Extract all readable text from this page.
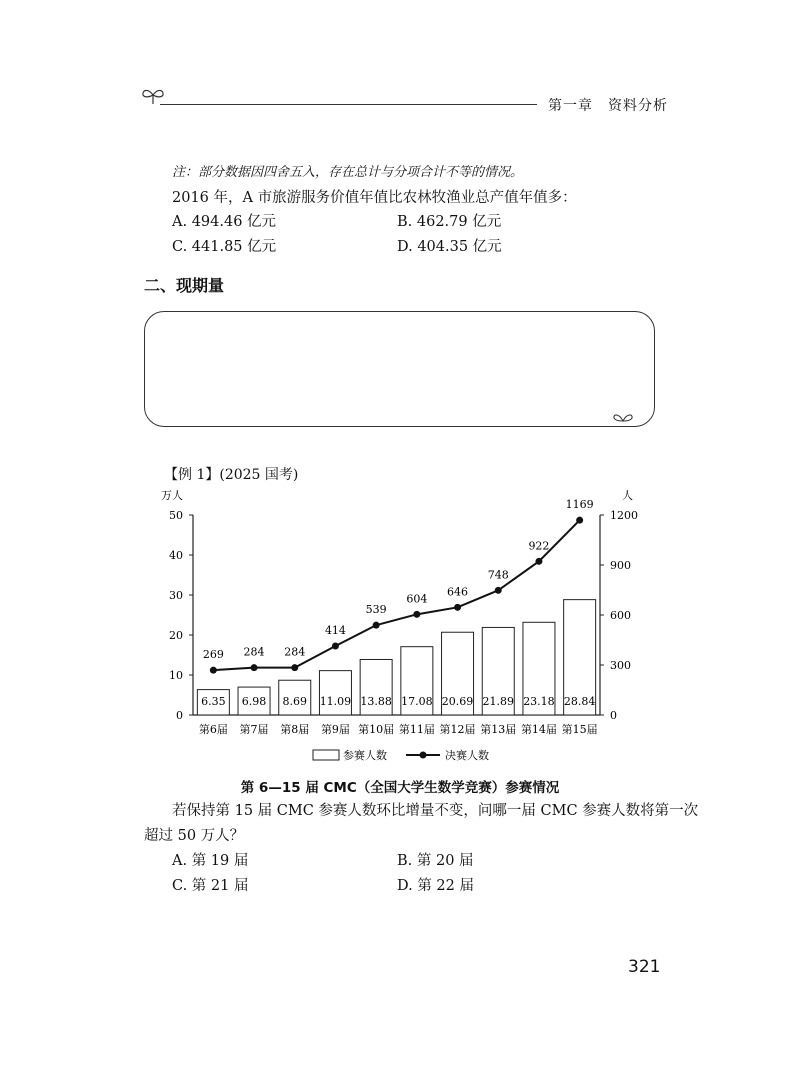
第一章　资料分析
注：部分数据因四舍五入，存在总计与分项合计不等的情况。
2016 年，A 市旅游服务价值年值比农林牧渔业总产值年值多：
A. 494.46 亿元	B. 462.79 亿元
C. 441.85 亿元	D. 404.35 亿元
二、现期量
【例 1】(2025 国考)
0
10
20
30
40
50
万人
0
300
600
900
1200
人
6.35 6.98 8.69 11.09 13.88 17.08 20.69 21.89 23.18 28.84
第6届 第7届 第8届 第9届 第10届 第11届 第12届 第13届 第14届 第15届
269 284 284
414
539
604
646
748
922
1169
参赛人数	决赛人数
第 6—15 届 CMC（全国大学生数学竞赛）参赛情况
若保持第 15 届 CMC 参赛人数环比增量不变，问哪一届 CMC 参赛人数将第一次
超过 50 万人？
A. 第 19 届	B. 第 20 届
C. 第 21 届	D. 第 22 届
321
